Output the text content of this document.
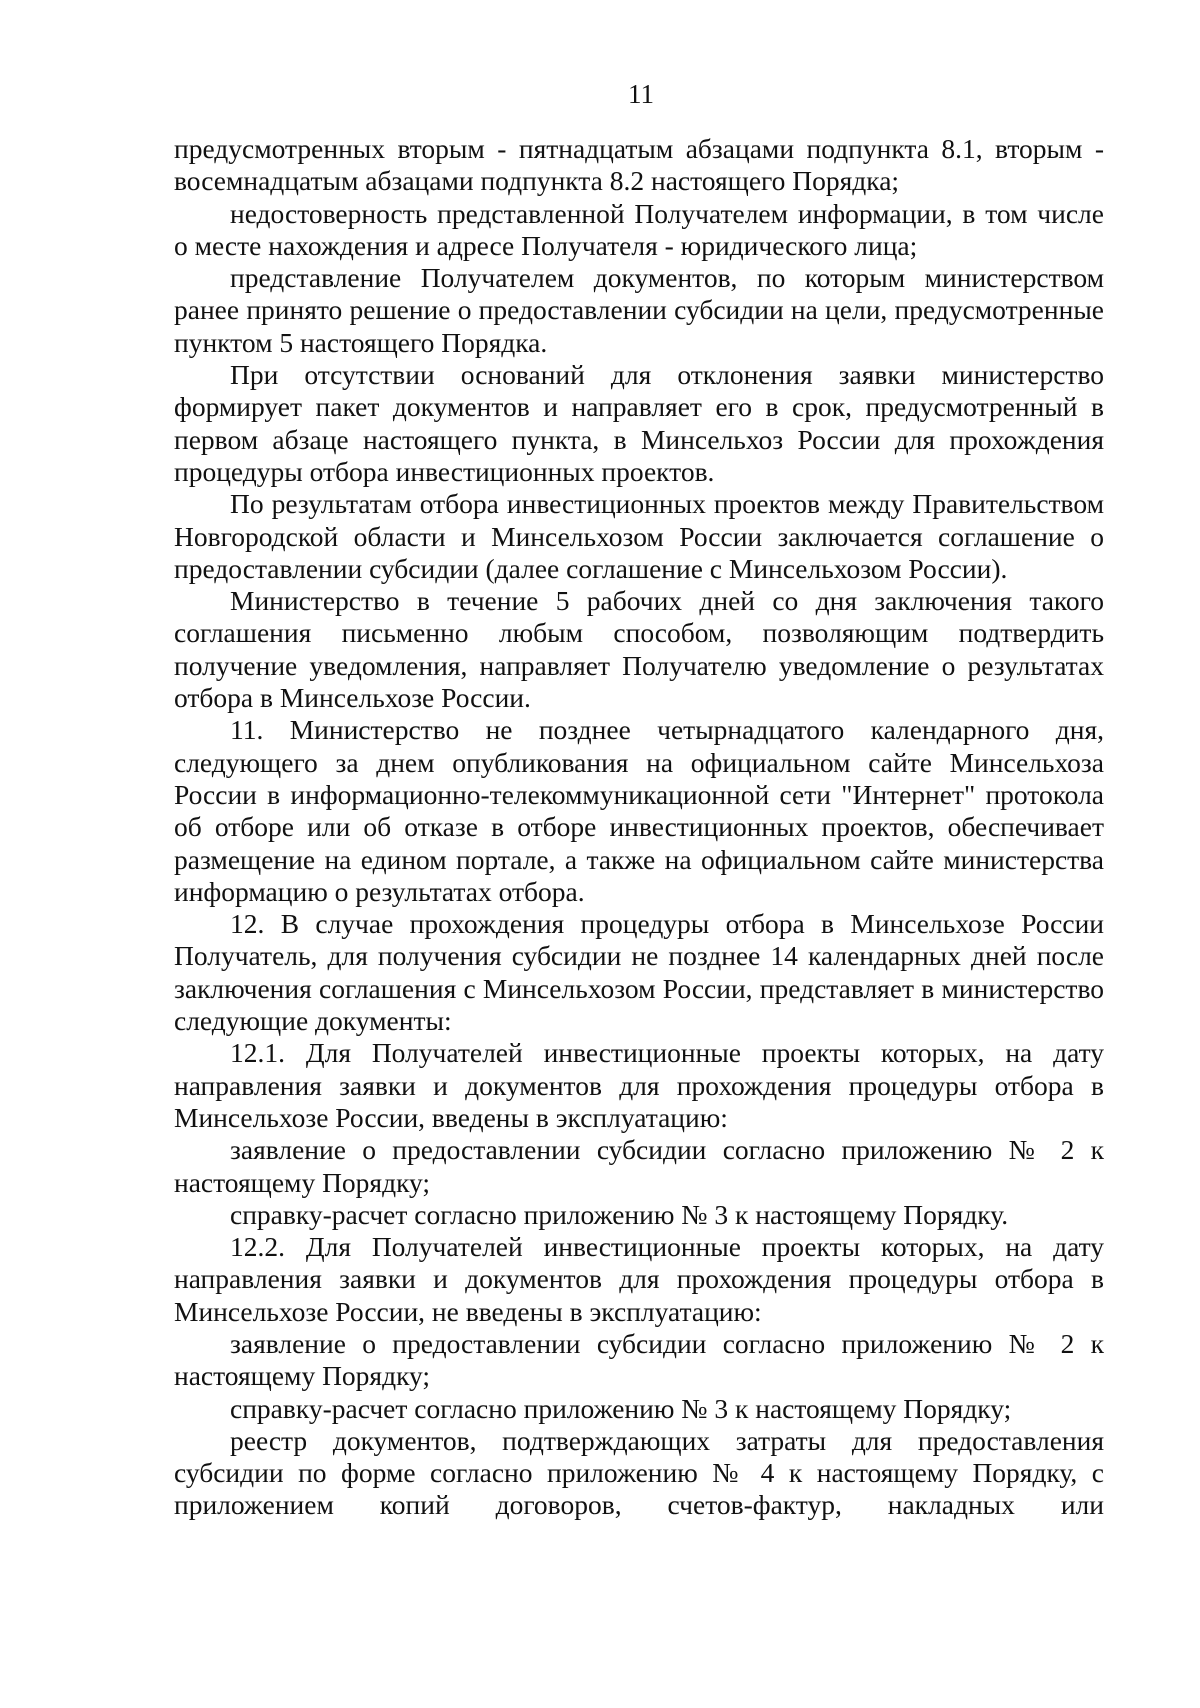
11

предусмотренных вторым - пятнадцатым абзацами подпункта 8.1, вторым - восемнадцатым абзацами подпункта 8.2 настоящего Порядка;

недостоверность представленной Получателем информации, в том числе о месте нахождения и адресе Получателя - юридического лица;

представление Получателем документов, по которым министерством ранее принято решение о предоставлении субсидии на цели, предусмотренные пунктом 5 настоящего Порядка.

При отсутствии оснований для отклонения заявки министерство формирует пакет документов и направляет его в срок, предусмотренный в первом абзаце настоящего пункта, в Минсельхоз России для прохождения процедуры отбора инвестиционных проектов.

По результатам отбора инвестиционных проектов между Правительством Новгородской области и Минсельхозом России заключается соглашение о предоставлении субсидии (далее соглашение с Минсельхозом России).

Министерство в течение 5 рабочих дней со дня заключения такого соглашения письменно любым способом, позволяющим подтвердить получение уведомления, направляет Получателю уведомление о результатах отбора в Минсельхозе России.

11. Министерство не позднее четырнадцатого календарного дня, следующего за днем опубликования на официальном сайте Минсельхоза России в информационно-телекоммуникационной сети "Интернет" протокола об отборе или об отказе в отборе инвестиционных проектов, обеспечивает размещение на едином портале, а также на официальном сайте министерства информацию о результатах отбора.

12. В случае прохождения процедуры отбора в Минсельхозе России Получатель, для получения субсидии не позднее 14 календарных дней после заключения соглашения с Минсельхозом России, представляет в министерство следующие документы:

12.1. Для Получателей инвестиционные проекты которых, на дату направления заявки и документов для прохождения процедуры отбора в Минсельхозе России, введены в эксплуатацию:

заявление о предоставлении субсидии согласно приложению № 2 к настоящему Порядку;

справку-расчет согласно приложению № 3 к настоящему Порядку.

12.2. Для Получателей инвестиционные проекты которых, на дату направления заявки и документов для прохождения процедуры отбора в Минсельхозе России, не введены в эксплуатацию:

заявление о предоставлении субсидии согласно приложению № 2 к настоящему Порядку;

справку-расчет согласно приложению № 3 к настоящему Порядку;

реестр документов, подтверждающих затраты для предоставления субсидии по форме согласно приложению № 4 к настоящему Порядку, с приложением копий договоров, счетов-фактур, накладных или
